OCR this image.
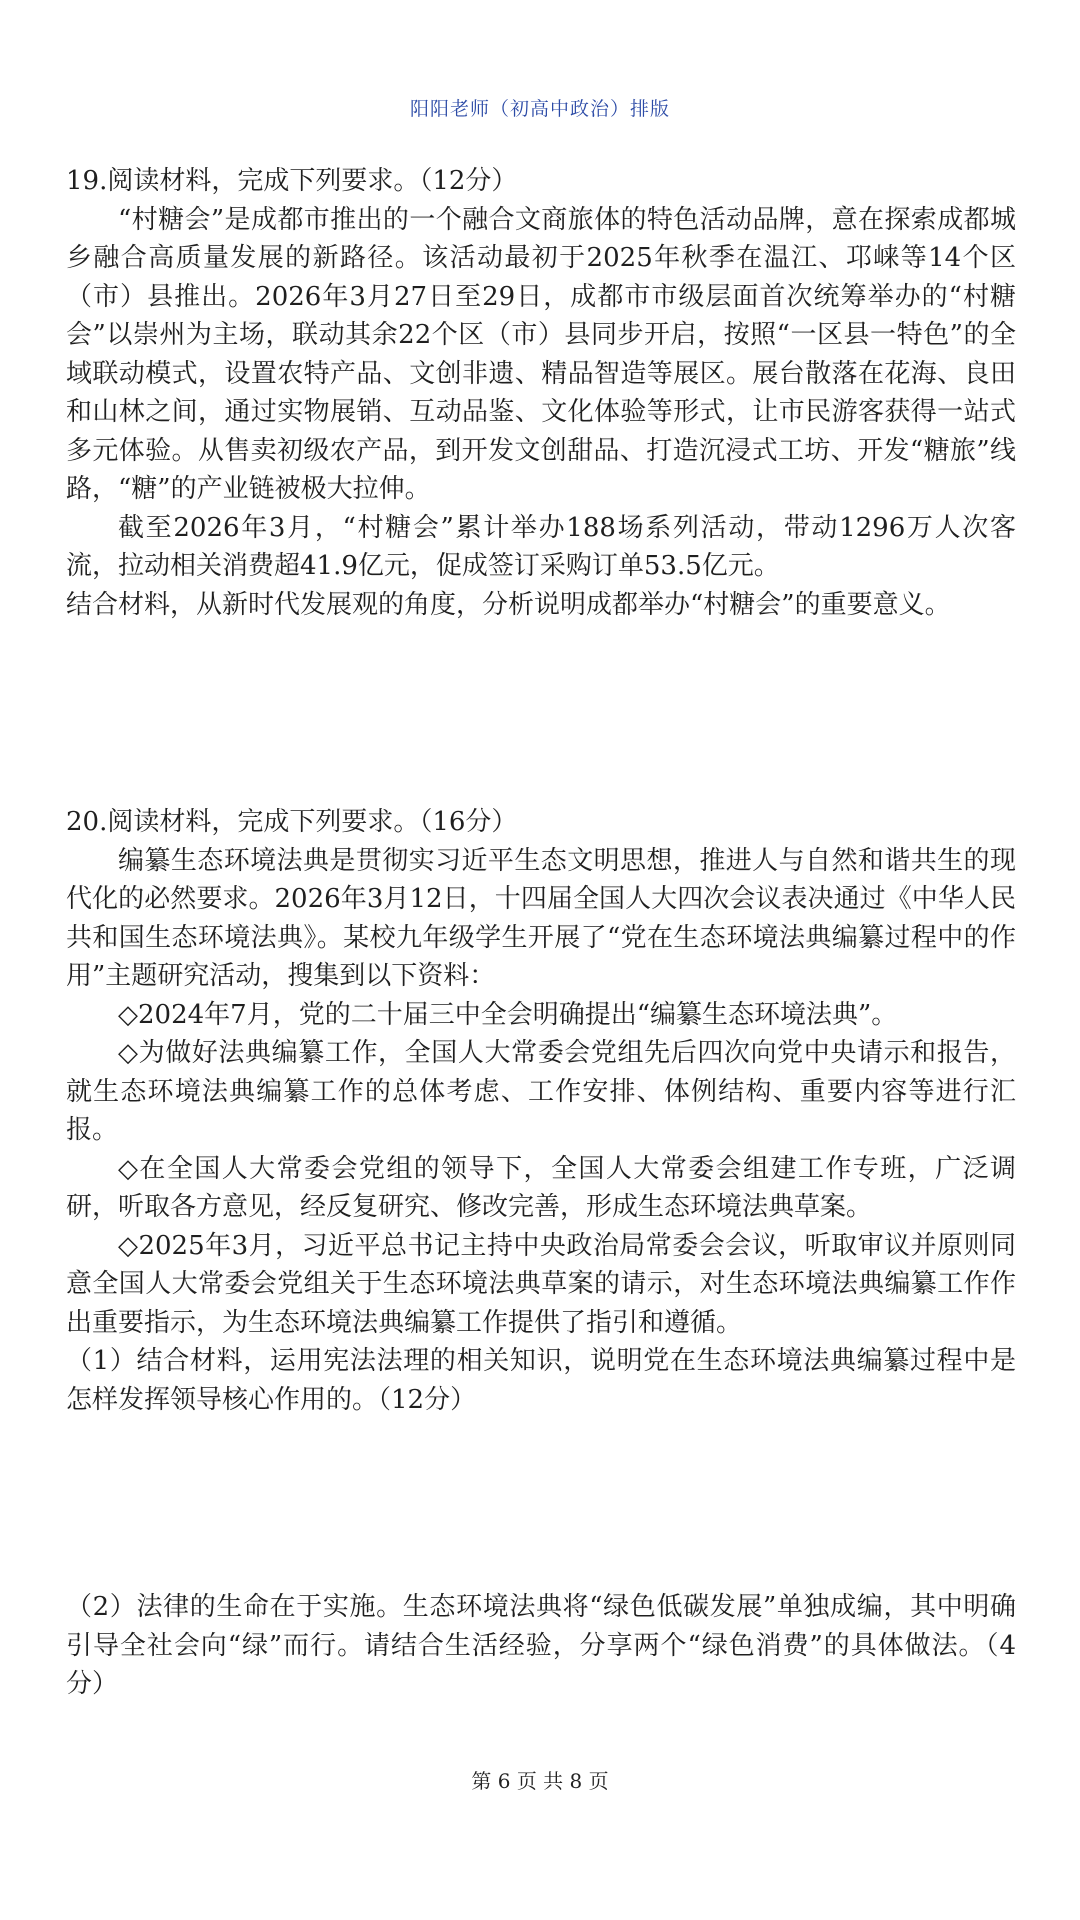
阳阳老师（初高中政治）排版

19.阅读材料，完成下列要求。（12分）

“村糖会”是成都市推出的一个融合文商旅体的特色活动品牌，意在探索成都城乡融合高质量发展的新路径。该活动最初于2025年秋季在温江、邛崃等14个区（市）县推出。2026年3月27日至29日，成都市市级层面首次统筹举办的“村糖会”以崇州为主场，联动其余22个区（市）县同步开启，按照“一区县一特色”的全域联动模式，设置农特产品、文创非遗、精品智造等展区。展台散落在花海、良田和山林之间，通过实物展销、互动品鉴、文化体验等形式，让市民游客获得一站式多元体验。从售卖初级农产品，到开发文创甜品、打造沉浸式工坊、开发“糖旅”线路，“糖”的产业链被极大拉伸。

截至2026年3月，“村糖会”累计举办188场系列活动，带动1296万人次客流，拉动相关消费超41.9亿元，促成签订采购订单53.5亿元。

结合材料，从新时代发展观的角度，分析说明成都举办“村糖会”的重要意义。

20.阅读材料，完成下列要求。（16分）

编纂生态环境法典是贯彻实习近平生态文明思想，推进人与自然和谐共生的现代化的必然要求。2026年3月12日，十四届全国人大四次会议表决通过《中华人民共和国生态环境法典》。某校九年级学生开展了“党在生态环境法典编纂过程中的作用”主题研究活动，搜集到以下资料：

◇2024年7月，党的二十届三中全会明确提出“编纂生态环境法典”。

◇为做好法典编纂工作，全国人大常委会党组先后四次向党中央请示和报告，就生态环境法典编纂工作的总体考虑、工作安排、体例结构、重要内容等进行汇报。

◇在全国人大常委会党组的领导下，全国人大常委会组建工作专班，广泛调研，听取各方意见，经反复研究、修改完善，形成生态环境法典草案。

◇2025年3月，习近平总书记主持中央政治局常委会会议，听取审议并原则同意全国人大常委会党组关于生态环境法典草案的请示，对生态环境法典编纂工作作出重要指示，为生态环境法典编纂工作提供了指引和遵循。

（1）结合材料，运用宪法法理的相关知识，说明党在生态环境法典编纂过程中是怎样发挥领导核心作用的。（12分）

（2）法律的生命在于实施。生态环境法典将“绿色低碳发展”单独成编，其中明确引导全社会向“绿”而行。请结合生活经验，分享两个“绿色消费”的具体做法。（4分）

第 6 页 共 8 页
